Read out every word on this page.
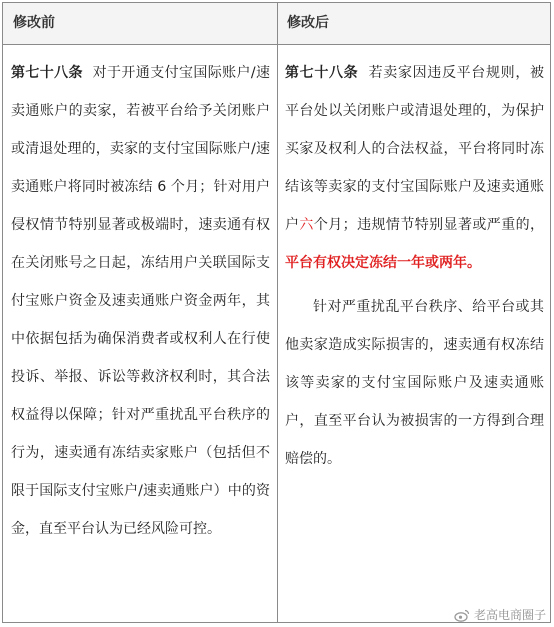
修改前	修改后

第七十八条 对于开通支付宝国际账户/速卖通账户的卖家，若被平台给予关闭账户或清退处理的，卖家的支付宝国际账户/速卖通账户将同时被冻结 6 个月；针对用户侵权情节特别显著或极端时，速卖通有权在关闭账号之日起，冻结用户关联国际支付宝账户资金及速卖通账户资金两年，其中依据包括为确保消费者或权利人在行使投诉、举报、诉讼等救济权利时，其合法权益得以保障；针对严重扰乱平台秩序的行为，速卖通有冻结卖家账户（包括但不限于国际支付宝账户/速卖通账户）中的资金，直至平台认为已经风险可控。

第七十八条 若卖家因违反平台规则，被平台处以关闭账户或清退处理的，为保护买家及权利人的合法权益，平台将同时冻结该等卖家的支付宝国际账户及速卖通账户六个月；违规情节特别显著或严重的，平台有权决定冻结一年或两年。

针对严重扰乱平台秩序、给平台或其他卖家造成实际损害的，速卖通有权冻结该等卖家的支付宝国际账户及速卖通账户，直至平台认为被损害的一方得到合理赔偿的。

老高电商圈子
